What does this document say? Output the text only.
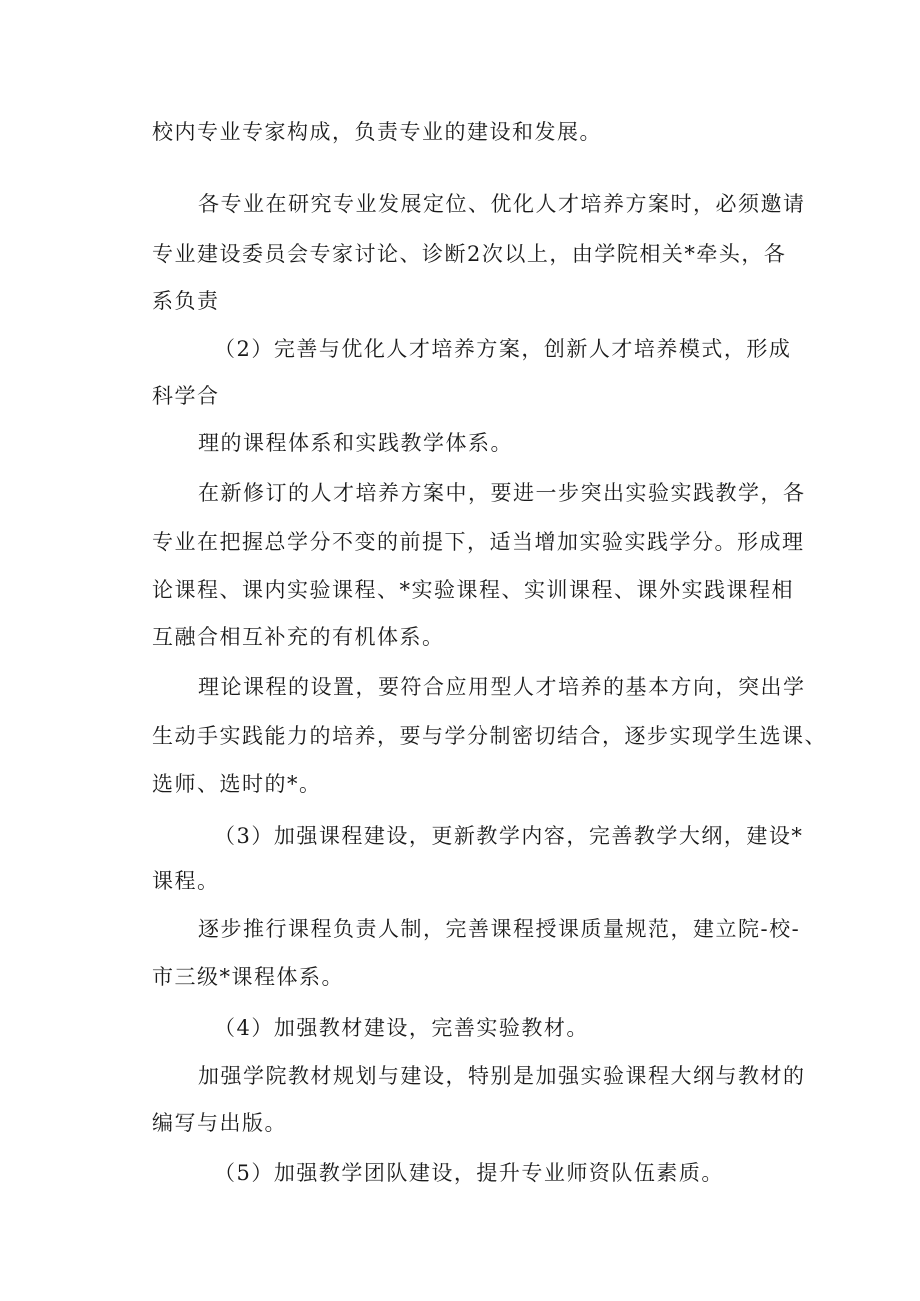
校内专业专家构成，负责专业的建设和发展。
各专业在研究专业发展定位、优化人才培养方案时，必须邀请
专业建设委员会专家讨论、诊断2次以上，由学院相关*牵头，各
系负责
（2）完善与优化人才培养方案，创新人才培养模式，形成
科学合
理的课程体系和实践教学体系。
在新修订的人才培养方案中，要进一步突出实验实践教学，各
专业在把握总学分不变的前提下，适当增加实验实践学分。形成理
论课程、课内实验课程、*实验课程、实训课程、课外实践课程相
互融合相互补充的有机体系。
理论课程的设置，要符合应用型人才培养的基本方向，突出学
生动手实践能力的培养，要与学分制密切结合，逐步实现学生选课、
选师、选时的*。
（3）加强课程建设，更新教学内容，完善教学大纲，建设*
课程。
逐步推行课程负责人制，完善课程授课质量规范，建立院-校-
市三级*课程体系。
（4）加强教材建设，完善实验教材。
加强学院教材规划与建设，特别是加强实验课程大纲与教材的
编写与出版。
（5）加强教学团队建设，提升专业师资队伍素质。
